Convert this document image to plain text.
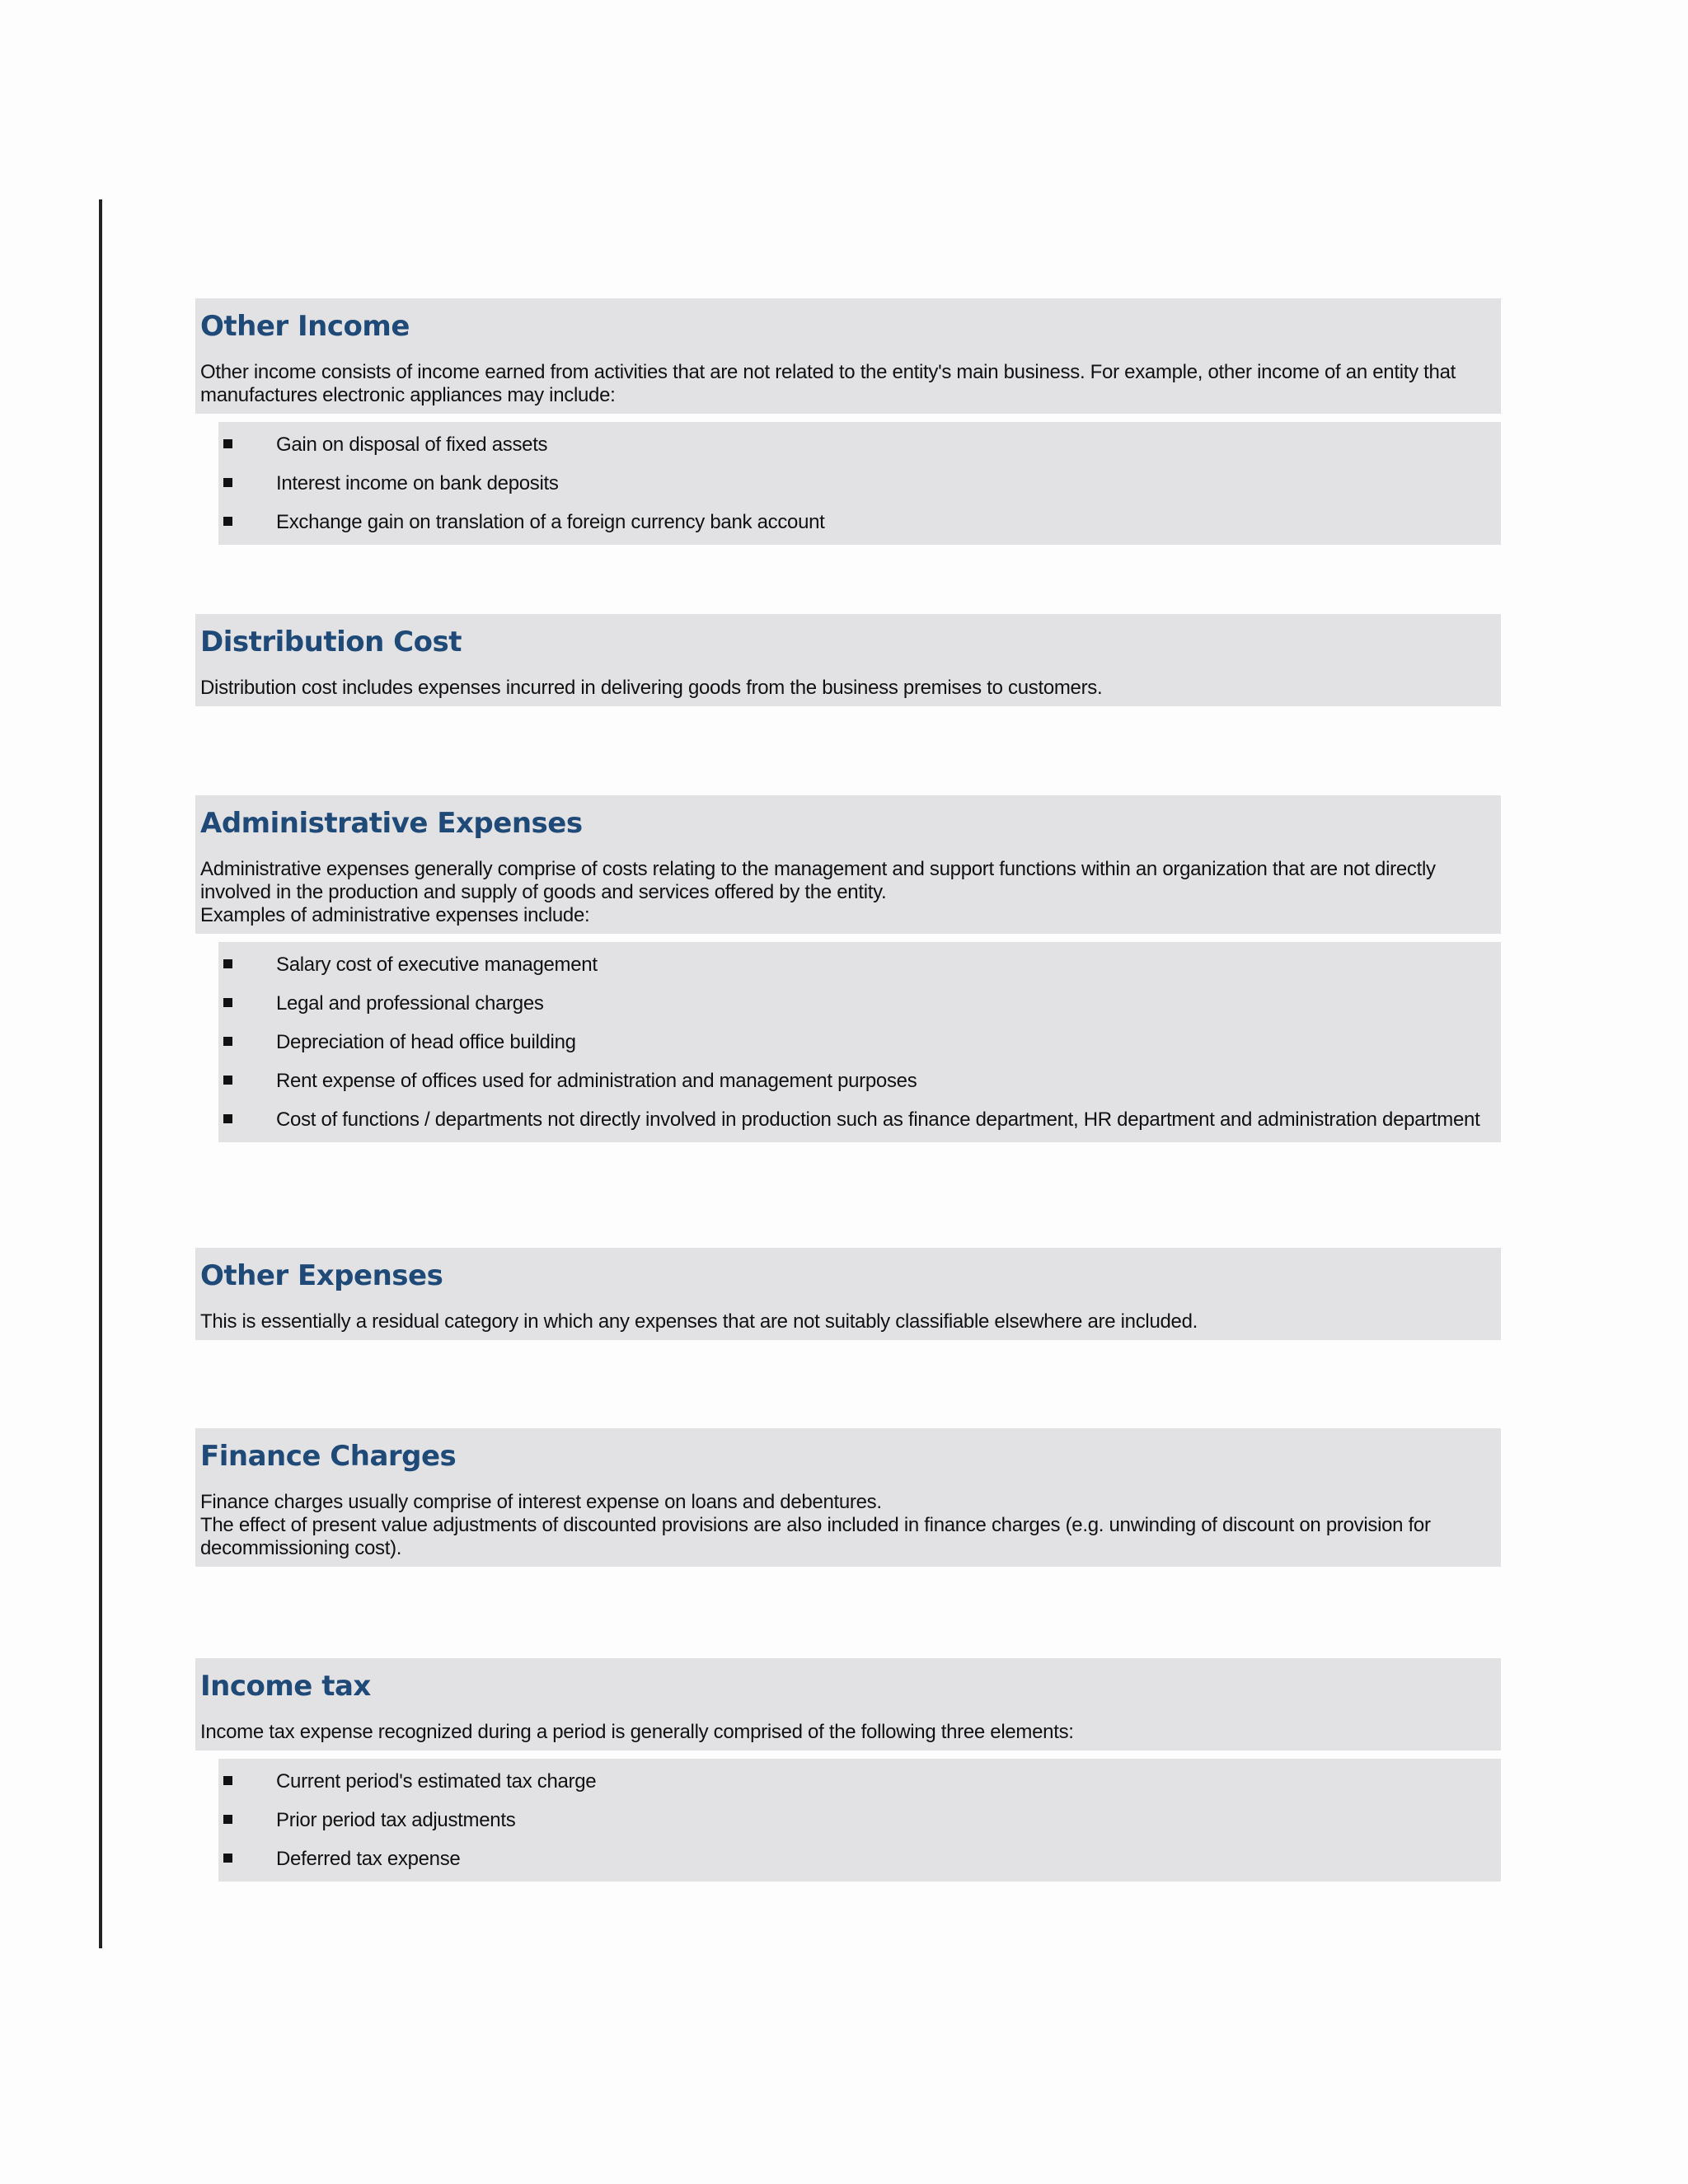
Other Income

Other income consists of income earned from activities that are not related to the entity's main business. For example, other income of an entity that manufactures electronic appliances may include:

Gain on disposal of fixed assets
Interest income on bank deposits
Exchange gain on translation of a foreign currency bank account
Distribution Cost

Distribution cost includes expenses incurred in delivering goods from the business premises to customers.

Administrative Expenses

Administrative expenses generally comprise of costs relating to the management and support functions within an organization that are not directly involved in the production and supply of goods and services offered by the entity.

Examples of administrative expenses include:

Salary cost of executive management
Legal and professional charges
Depreciation of head office building
Rent expense of offices used for administration and management purposes
Cost of functions / departments not directly involved in production such as finance department, HR department and administration department
Other Expenses

This is essentially a residual category in which any expenses that are not suitably classifiable elsewhere are included.

Finance Charges

Finance charges usually comprise of interest expense on loans and debentures.

The effect of present value adjustments of discounted provisions are also included in finance charges (e.g. unwinding of discount on provision for decommissioning cost).

Income tax

Income tax expense recognized during a period is generally comprised of the following three elements:

Current period's estimated tax charge
Prior period tax adjustments
Deferred tax expense
